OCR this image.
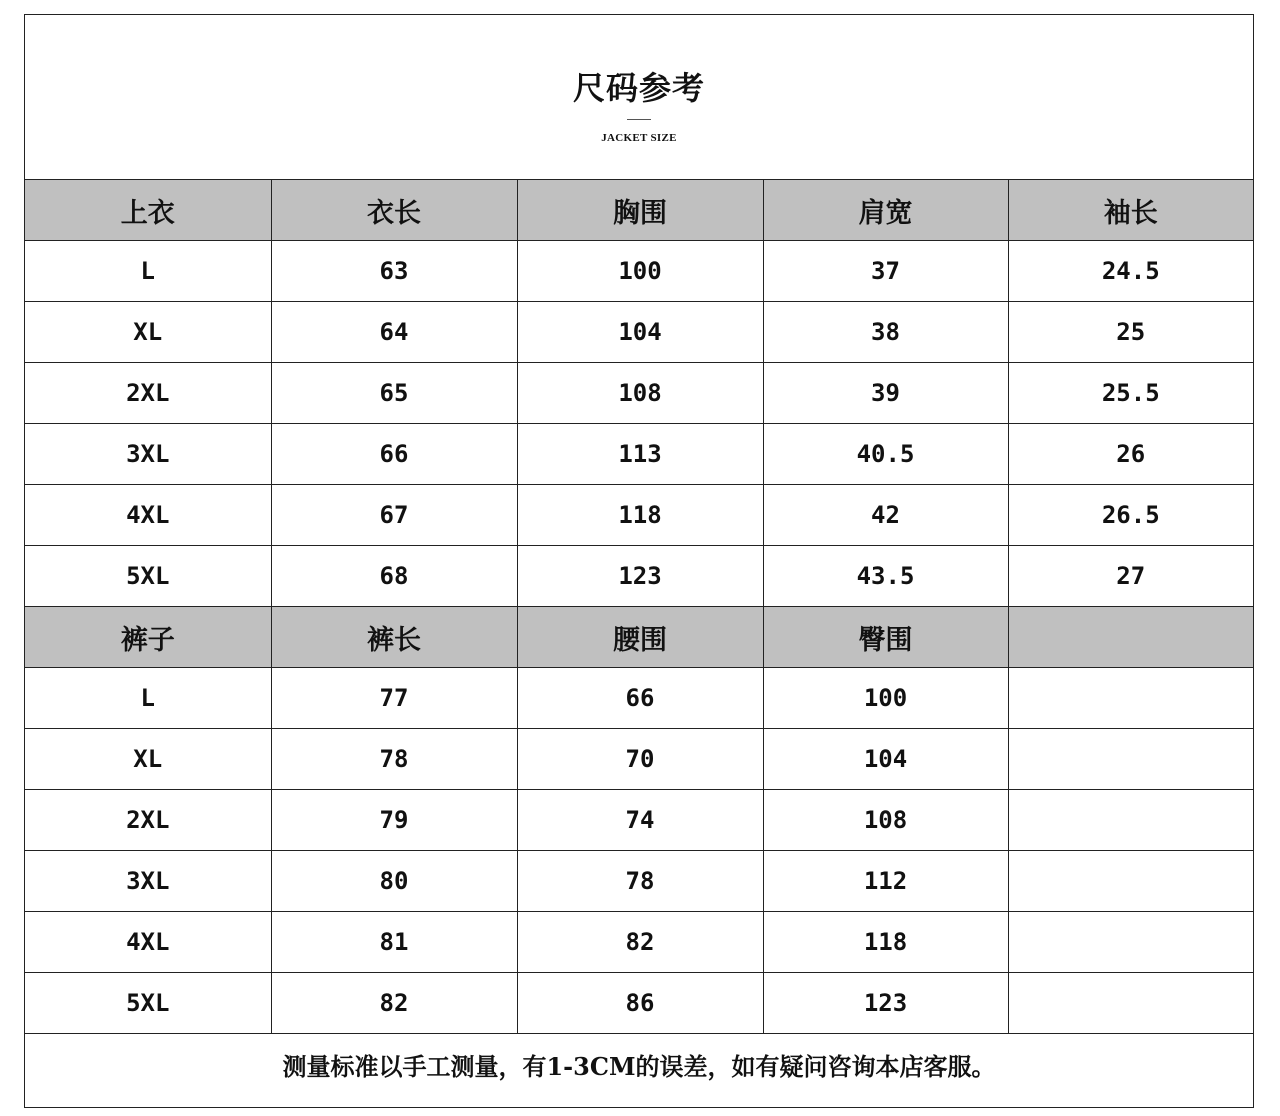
尺码参考
JACKET SIZE
上衣	衣长	胸围	肩宽	袖长
L	63	100	37	24.5
XL	64	104	38	25
2XL	65	108	39	25.5
3XL	66	113	40.5	26
4XL	67	118	42	26.5
5XL	68	123	43.5	27
裤子	裤长	腰围	臀围	
L	77	66	100	
XL	78	70	104	
2XL	79	74	108	
3XL	80	78	112	
4XL	81	82	118	
5XL	82	86	123	
测量标准以手工测量，有1-3CM的误差，如有疑问咨询本店客服。				
